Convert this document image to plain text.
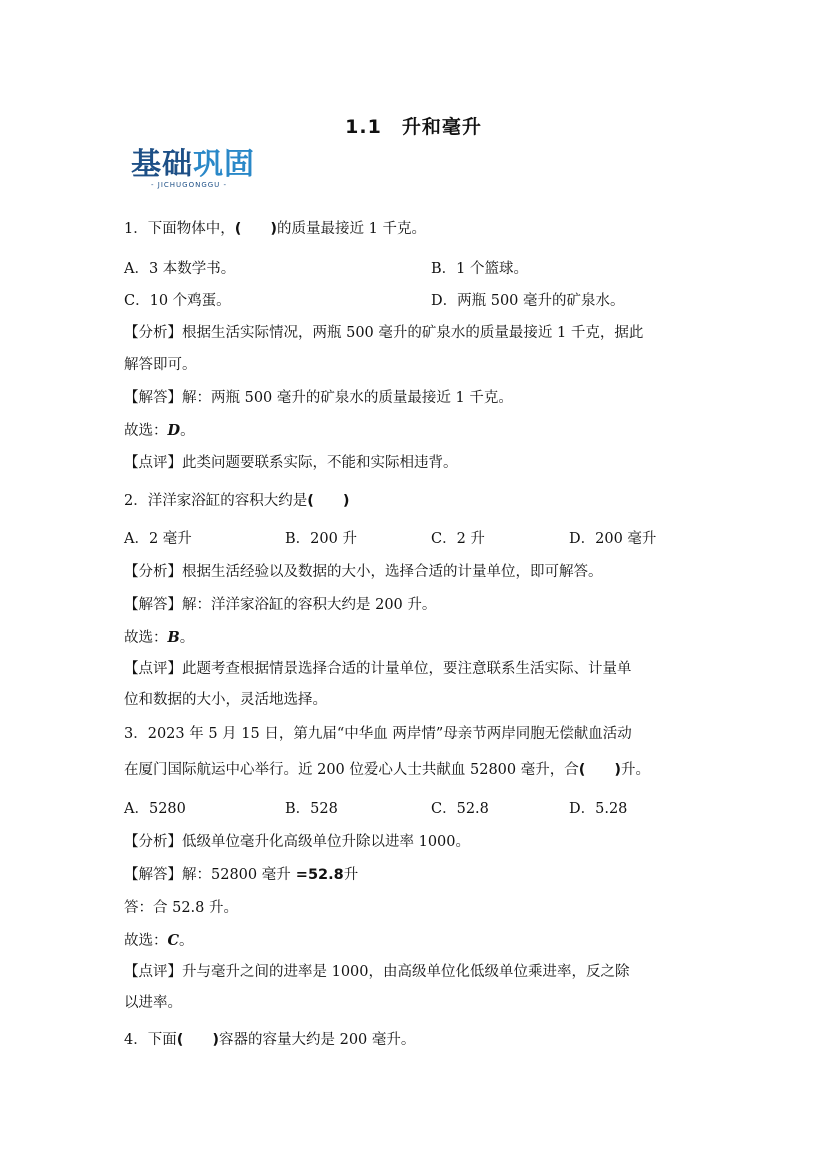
1.1　升和毫升
基础巩固
- JICHUGONGGU -
1．下面物体中，(　　)的质量最接近 1 千克。
A．3 本数学书。	B．1 个篮球。
C．10 个鸡蛋。	D．两瓶 500 毫升的矿泉水。
【分析】根据生活实际情况，两瓶 500 毫升的矿泉水的质量最接近 1 千克，据此
解答即可。
【解答】解：两瓶 500 毫升的矿泉水的质量最接近 1 千克。
故选：D。
【点评】此类问题要联系实际，不能和实际相违背。
2．洋洋家浴缸的容积大约是(　　)
A．2 毫升	B．200 升	C．2 升	D．200 毫升
【分析】根据生活经验以及数据的大小，选择合适的计量单位，即可解答。
【解答】解：洋洋家浴缸的容积大约是 200 升。
故选：B。
【点评】此题考查根据情景选择合适的计量单位，要注意联系生活实际、计量单
位和数据的大小，灵活地选择。
3．2023 年 5 月 15 日，第九届“中华血 两岸情”母亲节两岸同胞无偿献血活动
在厦门国际航运中心举行。近 200 位爱心人士共献血 52800 毫升，合(　　)升。
A．5280	B．528	C．52.8	D．5.28
【分析】低级单位毫升化高级单位升除以进率 1000。
【解答】解：52800 毫升 =52.8升
答：合 52.8 升。
故选：C。
【点评】升与毫升之间的进率是 1000，由高级单位化低级单位乘进率，反之除
以进率。
4．下面(　　)容器的容量大约是 200 毫升。
